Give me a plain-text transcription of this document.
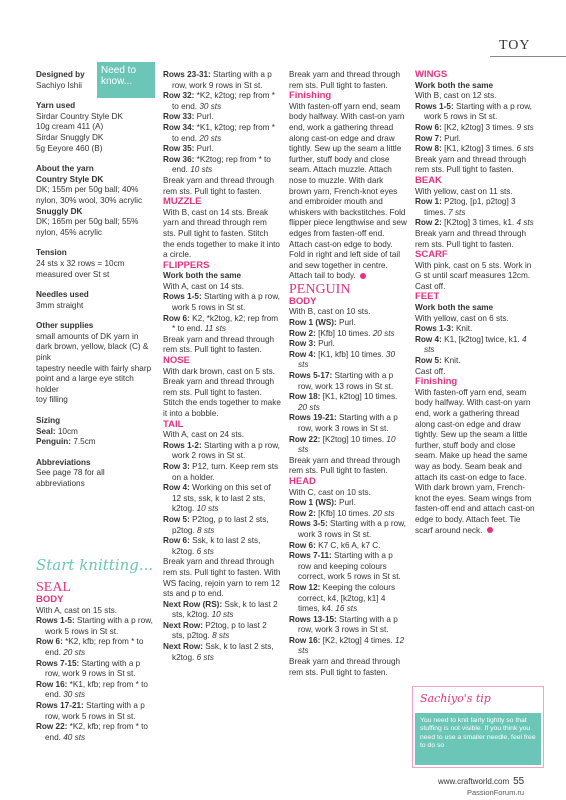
TOY
Need to know...

Designed by

Sachiyo Ishii

Yarn used

Sirdar Country Style DK

10g cream 411 (A)

Sirdar Snuggly DK

5g Eeyore 460 (B)

About the yarn

Country Style DK

DK; 155m per 50g ball; 40% nylon, 30% wool, 30% acrylic

Snuggly DK

DK; 165m per 50g ball; 55% nylon, 45% acrylic

Tension

24 sts x 32 rows = 10cm measured over St st

Needles used

3mm straight

Other supplies

small amounts of DK yarn in dark brown, yellow, black (C) & pink

tapestry needle with fairly sharp point and a large eye stitch holder

toy filling

Sizing

Seal: 10cm

Penguin: 7.5cm

Abbreviations

See page 78 for all abbreviations

Start knitting...

SEAL

BODY

With A, cast on 15 sts.

Rows 1-5: Starting with a p row, work 5 rows in St st.

Row 6: *K2, kfb; rep from * to end. 20 sts

Rows 7-15: Starting with a p row, work 9 rows in St st.

Row 16: *K1, kfb; rep from * to end. 30 sts

Rows 17-21: Starting with a p row, work 5 rows in St st.

Row 22: *K2, kfb; rep from * to end. 40 sts

Rows 23-31: Starting with a p row, work 9 rows in St st.

Row 32: *K2, k2tog; rep from * to end. 30 sts

Row 33: Purl.

Row 34: *K1, k2tog; rep from * to end. 20 sts

Row 35: Purl.

Row 36: *K2tog; rep from * to end. 10 sts

Break yarn and thread through rem sts. Pull tight to fasten.

MUZZLE

With B, cast on 14 sts. Break yarn and thread through rem sts. Pull tight to fasten. Stitch the ends together to make it into a circle.

FLIPPERS

Work both the same

With A, cast on 14 sts.

Rows 1-5: Starting with a p row, work 5 rows in St st.

Row 6: K2, *k2tog, k2; rep from * to end. 11 sts

Break yarn and thread through rem sts. Pull tight to fasten.

NOSE

With dark brown, cast on 5 sts. Break yarn and thread through rem sts. Pull tight to fasten. Stitch the ends together to make it into a bobble.

TAIL

With A, cast on 24 sts.

Rows 1-2: Starting with a p row, work 2 rows in St st.

Row 3: P12, turn. Keep rem sts on a holder.

Row 4: Working on this set of 12 sts, ssk, k to last 2 sts, k2tog. 10 sts

Row 5: P2tog, p to last 2 sts, p2tog. 8 sts

Row 6: Ssk, k to last 2 sts, k2tog. 6 sts

Break yarn and thread through rem sts. Pull tight to fasten. With WS facing, rejoin yarn to rem 12 sts and p to end.

Next Row (RS): Ssk, k to last 2 sts, k2tog. 10 sts

Next Row: P2tog, p to last 2 sts, p2tog. 8 sts

Next Row: Ssk, k to last 2 sts, k2tog. 6 sts

Break yarn and thread through rem sts. Pull tight to fasten.

Finishing

With fasten-off yarn end, seam body halfway. With cast-on yarn end, work a gathering thread along cast-on edge and draw tightly. Sew up the seam a little further, stuff body and close seam. Attach muzzle. Attach nose to muzzle. With dark brown yarn, French-knot eyes and embroider mouth and whiskers with backstitches. Fold flipper piece lengthwise and sew edges from fasten-off end. Attach cast-on edge to body. Fold in right and left side of tail and sew together in centre. Attach tail to body.

PENGUIN

BODY

With B, cast on 10 sts.

Row 1 (WS): Purl.

Row 2: [Kfb] 10 times. 20 sts

Row 3: Purl.

Row 4: [K1, kfb] 10 times. 30 sts

Rows 5-17: Starting with a p row, work 13 rows in St st.

Row 18: [K1, k2tog] 10 times. 20 sts

Rows 19-21: Starting with a p row, work 3 rows in St st.

Row 22: [K2tog] 10 times. 10 sts

Break yarn and thread through rem sts. Pull tight to fasten.

HEAD

With C, cast on 10 sts.

Row 1 (WS): Purl.

Row 2: [Kfb] 10 times. 20 sts

Rows 3-5: Starting with a p row, work 3 rows in St st.

Row 6: K7 C, k6 A, k7 C.

Rows 7-11: Starting with a p row and keeping colours correct, work 5 rows in St st.

Row 12: Keeping the colours correct, k4, [k2tog, k1] 4 times, k4. 16 sts

Rows 13-15: Starting with a p row, work 3 rows in St st.

Row 16: [K2, k2tog] 4 times. 12 sts

Break yarn and thread through rem sts. Pull tight to fasten.

WINGS

Work both the same

With B, cast on 12 sts.

Rows 1-5: Starting with a p row, work 5 rows in St st.

Row 6: [K2, k2tog] 3 times. 9 sts

Row 7: Purl.

Row 8: [K1, k2tog] 3 times. 6 sts

Break yarn and thread through rem sts. Pull tight to fasten.

BEAK

With yellow, cast on 11 sts.

Row 1: P2tog, [p1, p2tog] 3 times. 7 sts

Row 2: [K2tog] 3 times, k1. 4 sts

Break yarn and thread through rem sts. Pull tight to fasten.

SCARF

With pink, cast on 5 sts. Work in G st until scarf measures 12cm. Cast off.

FEET

Work both the same

With yellow, cast on 6 sts.

Rows 1-3: Knit.

Row 4: K1, [k2tog] twice, k1. 4 sts

Row 5: Knit.

Cast off.

Finishing

With fasten-off yarn end, seam body halfway. With cast-on yarn end, work a gathering thread along cast-on edge and draw tightly. Sew up the seam a little further, stuff body and close seam. Make up head the same way as body. Seam beak and attach its cast-on edge to face. With dark brown yarn, French-knot the eyes. Seam wings from fasten-off end and attach cast-on edge to body. Attach feet. Tie scarf around neck.

Sachiyo's tip
You need to knit fairly tightly so that stuffing is not visible. If you think you need to use a smaller needle, feel free to do so
www.craftworld.com 55
PassionForum.ru
